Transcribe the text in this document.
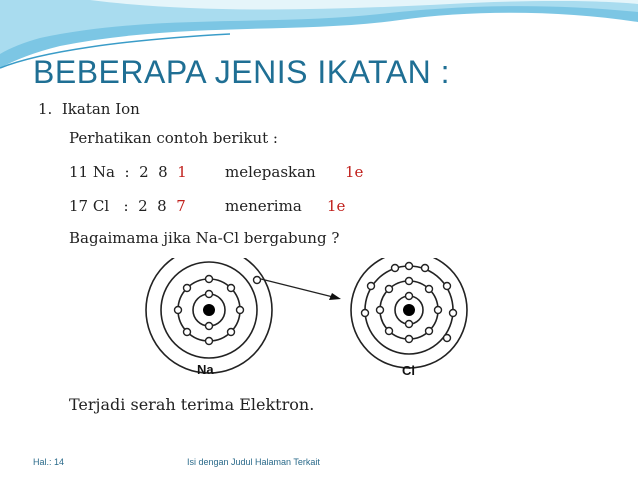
BEBERAPA JENIS IKATAN :
1. Ikatan Ion
Perhatikan contoh berikut :
11 Na : 2  8 1	melepaskan 1e
17 Cl : 2  8 7	menerima 1e
Bagaimama jika Na-Cl bergabung ?
Na	Cl
Terjadi serah terima Elektron.
Hal.: 14	Isi dengan Judul Halaman Terkait
